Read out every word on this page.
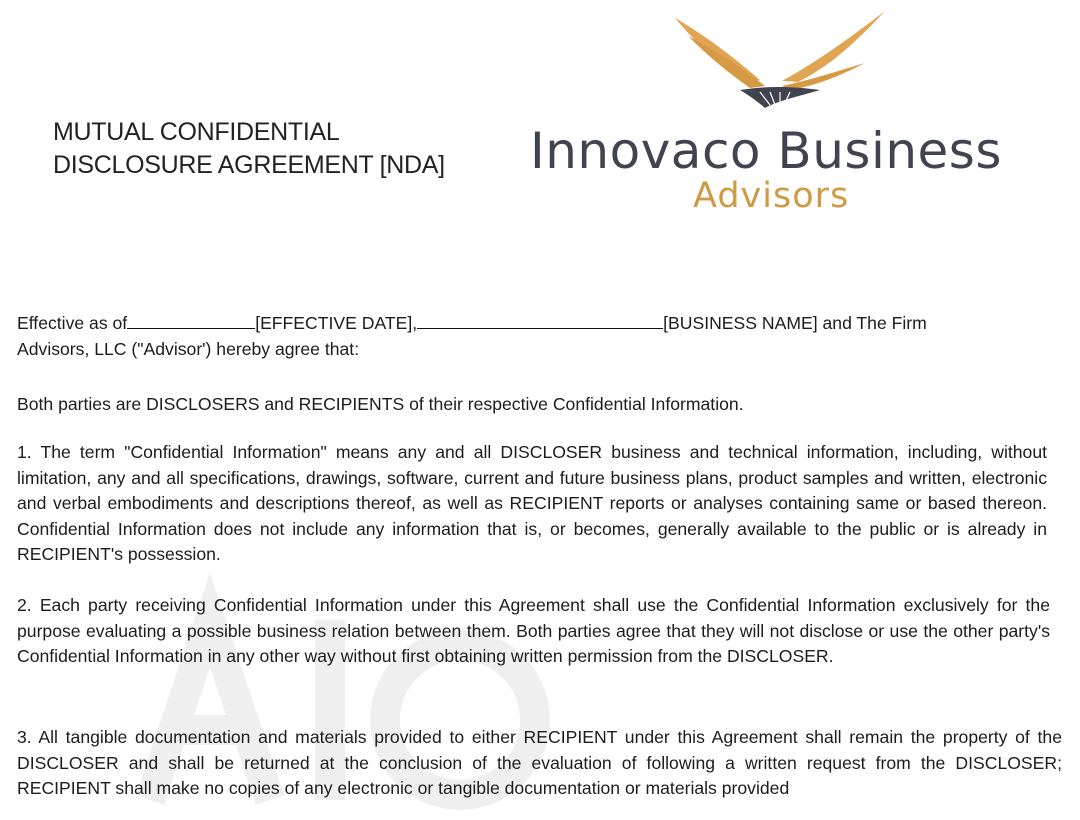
MUTUAL CONFIDENTIAL
DISCLOSURE AGREEMENT [NDA] Innovaco Business
Advisors
Effective as of	[EFFECTIVE DATE],	[BUSINESS NAME] and The Firm
Advisors, LLC ("Advisor') hereby agree that:

Both parties are DISCLOSERS and RECIPIENTS of their respective Confidential Information.

1. The term "Confidential Information" means any and all DISCLOSER business and technical information, including, without limitation, any and all specifications, drawings, software, current and future business plans, product samples and written, electronic and verbal embodiments and descriptions thereof, as well as RECIPIENT reports or analyses containing same or based thereon. Confidential Information does not include any information that is, or becomes, generally available to the public or is already in RECIPIENT's possession.

2. Each party receiving Confidential Information under this Agreement shall use the Confidential Information exclusively for the purpose evaluating a possible business relation between them. Both parties agree that they will not disclose or use the other party's Confidential Information in any other way without first obtaining written permission from the DISCLOSER.

3. All tangible documentation and materials provided to either RECIPIENT under this Agreement shall remain the property of the DISCLOSER and shall be returned at the conclusion of the evaluation of following a written request from the DISCLOSER; RECIPIENT shall make no copies of any electronic or tangible documentation or materials provided
